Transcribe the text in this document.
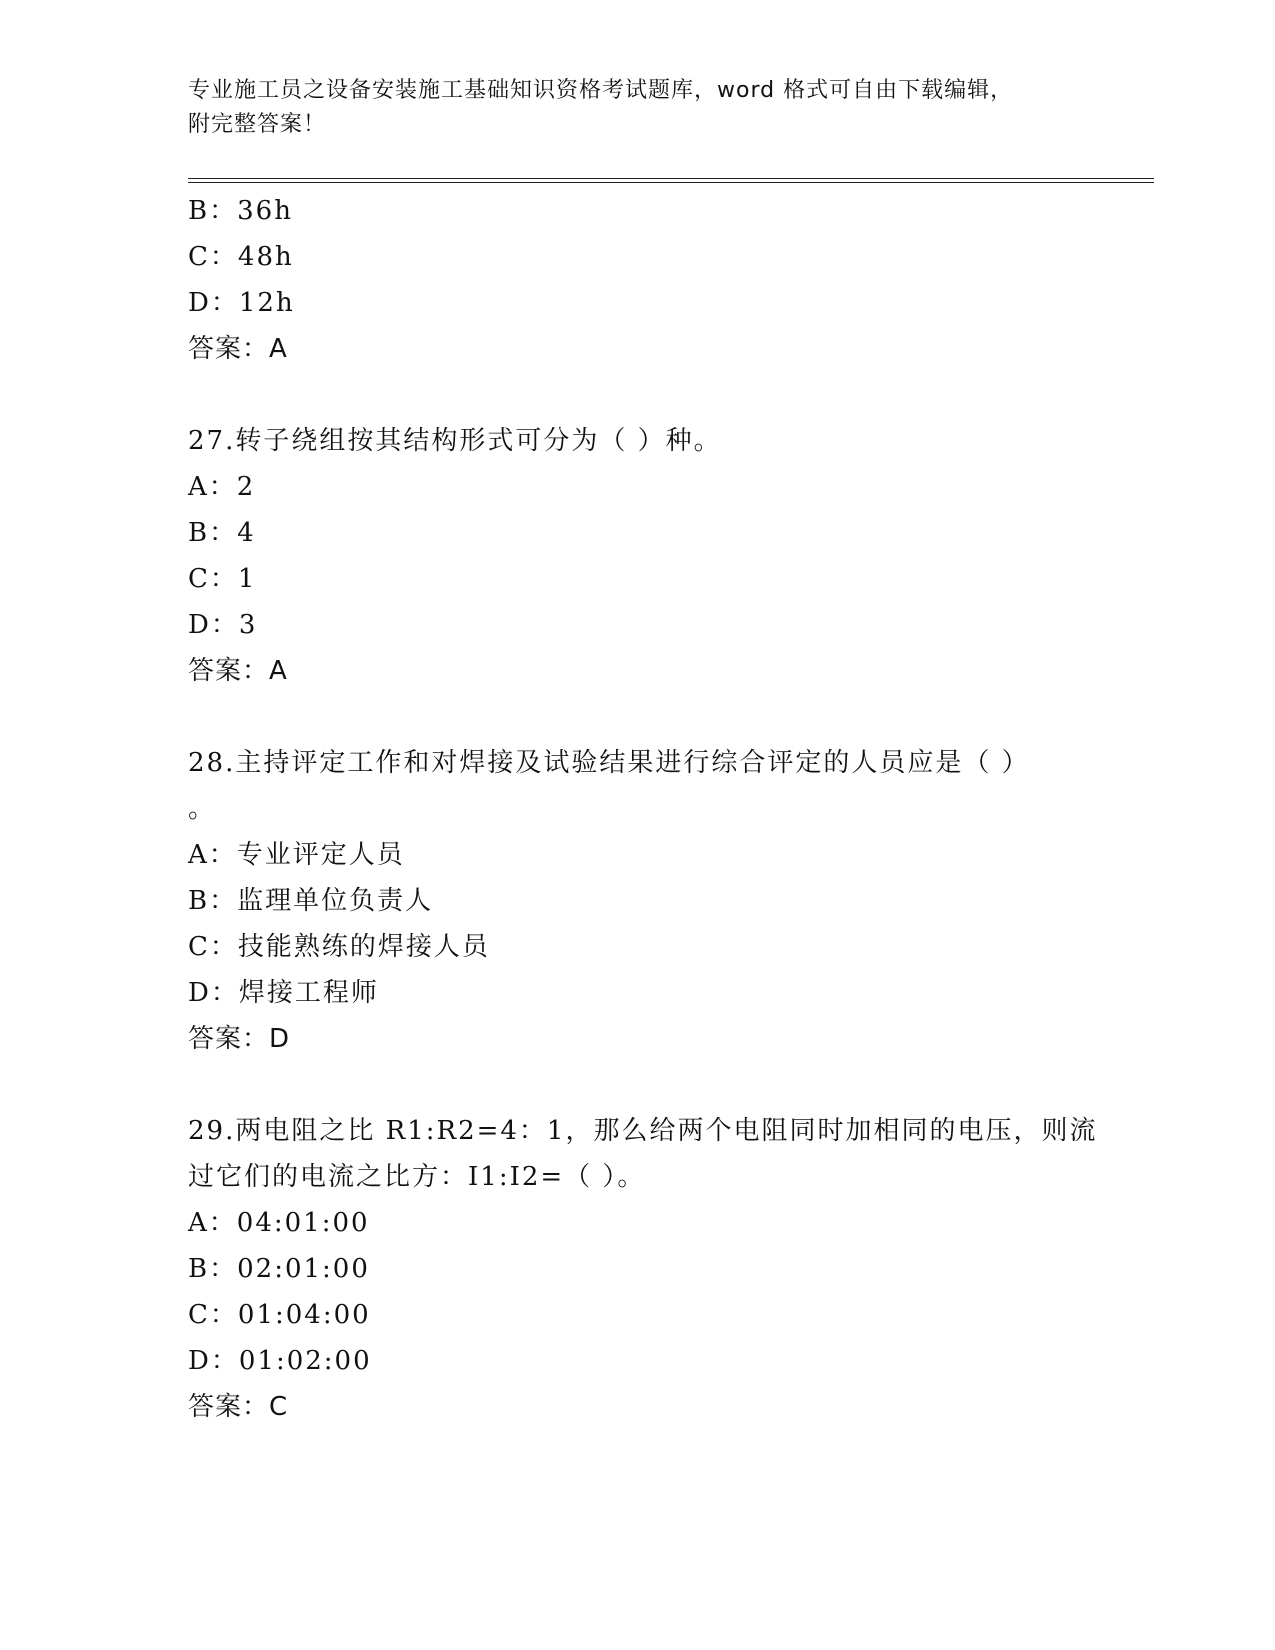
专业施工员之设备安装施工基础知识资格考试题库，word 格式可自由下载编辑，
附完整答案！
B：36h
C：48h
D：12h
答案：A
27.转子绕组按其结构形式可分为（ ）种。
A：2
B：4
C：1
D：3
答案：A
28.主持评定工作和对焊接及试验结果进行综合评定的人员应是（ ）
。
A：专业评定人员
B：监理单位负责人
C：技能熟练的焊接人员
D：焊接工程师
答案：D
29.两电阻之比 R1:R2=4：1，那么给两个电阻同时加相同的电压，则流
过它们的电流之比方：I1:I2=（ ）。
A：04:01:00
B：02:01:00
C：01:04:00
D：01:02:00
答案：C
